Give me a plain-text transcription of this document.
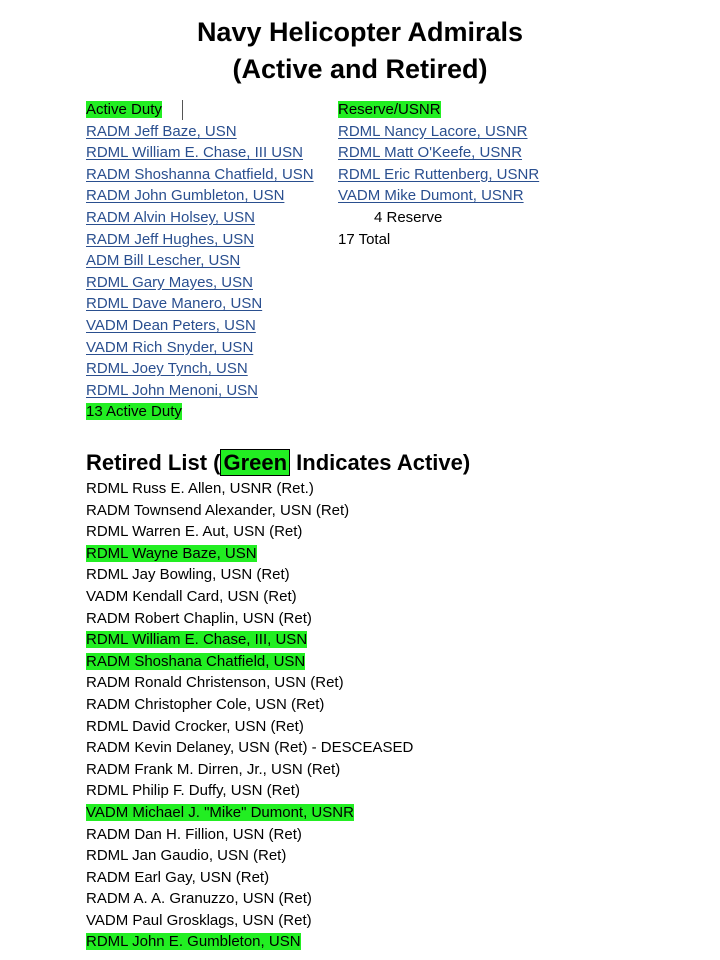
Navy Helicopter Admirals
(Active and Retired)
Active Duty
RADM Jeff Baze, USN
RDML William E. Chase, III USN
RADM Shoshanna Chatfield, USN
RADM John Gumbleton, USN
RADM Alvin Holsey, USN
RADM Jeff Hughes, USN
ADM Bill Lescher, USN
RDML Gary Mayes, USN
RDML Dave Manero, USN
VADM Dean Peters, USN
VADM Rich Snyder, USN
RDML Joey Tynch, USN
RDML John Menoni, USN
13 Active Duty
Reserve/USNR
RDML Nancy Lacore, USNR
RDML Matt O'Keefe, USNR
RDML Eric Ruttenberg, USNR
VADM Mike Dumont, USNR
4 Reserve
17 Total
Retired List ( Green Indicates Active)
RDML Russ E. Allen, USNR (Ret.)
RADM Townsend Alexander, USN (Ret)
RDML Warren E. Aut, USN (Ret)
RDML Wayne Baze, USN
RDML Jay Bowling, USN (Ret)
VADM Kendall Card, USN (Ret)
RADM Robert Chaplin, USN (Ret)
RDML William E. Chase, III, USN
RADM Shoshana Chatfield, USN
RADM Ronald Christenson, USN (Ret)
RADM Christopher Cole, USN (Ret)
RDML David Crocker, USN (Ret)
RADM Kevin Delaney, USN (Ret) - DESCEASED
RADM Frank M. Dirren, Jr., USN (Ret)
RDML Philip F. Duffy, USN (Ret)
VADM Michael J. "Mike" Dumont, USNR
RADM Dan H. Fillion, USN (Ret)
RDML Jan Gaudio, USN (Ret)
RADM Earl Gay, USN (Ret)
RADM A. A. Granuzzo, USN (Ret)
VADM Paul Grosklags, USN (Ret)
RDML John E. Gumbleton, USN
